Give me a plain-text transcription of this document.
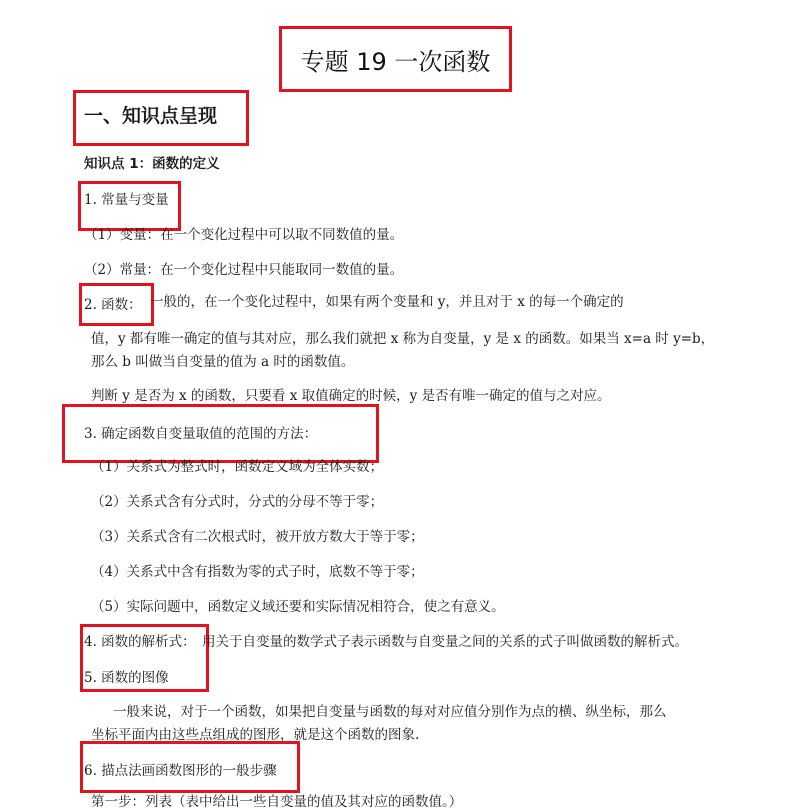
专题 19 一次函数
一、知识点呈现
知识点 1：函数的定义
1. 常量与变量
（1）变量：在一个变化过程中可以取不同数值的量。
（2）常量：在一个变化过程中只能取同一数值的量。
2. 函数： 一般的，在一个变化过程中，如果有两个变量和 y，并且对于 x 的每一个确定的
值，y 都有唯一确定的值与其对应，那么我们就把 x 称为自变量，y 是 x 的函数。如果当 x=a 时 y=b，
那么 b 叫做当自变量的值为 a 时的函数值。
判断 y 是否为 x 的函数，只要看 x 取值确定的时候，y 是否有唯一确定的值与之对应。
3. 确定函数自变量取值的范围的方法：
（1）关系式为整式时，函数定义域为全体实数；
（2）关系式含有分式时，分式的分母不等于零；
（3）关系式含有二次根式时，被开放方数大于等于零；
（4）关系式中含有指数为零的式子时，底数不等于零；
（5）实际问题中，函数定义域还要和实际情况相符合，使之有意义。
4. 函数的解析式： 用关于自变量的数学式子表示函数与自变量之间的关系的式子叫做函数的解析式。
5. 函数的图像
一般来说，对于一个函数，如果把自变量与函数的每对对应值分别作为点的横、纵坐标，那么
坐标平面内由这些点组成的图形，就是这个函数的图象.
6. 描点法画函数图形的一般步骤
第一步：列表（表中给出一些自变量的值及其对应的函数值。）
